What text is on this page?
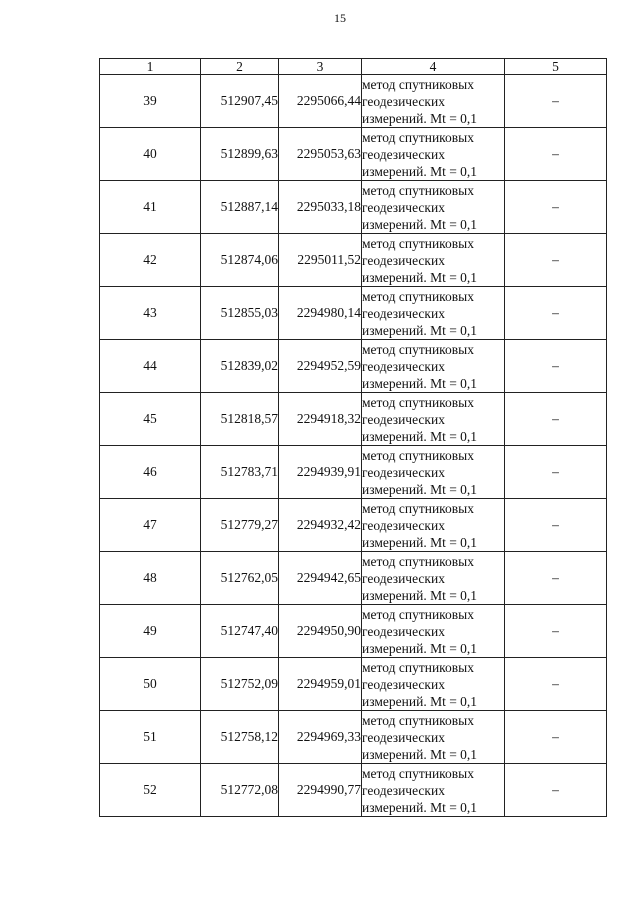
15
1	2	3	4	5
39	512907,45	2295066,44	метод спутниковых
геодезических
измерений. Mt = 0,1	–
40	512899,63	2295053,63	метод спутниковых
геодезических
измерений. Mt = 0,1	–
41	512887,14	2295033,18	метод спутниковых
геодезических
измерений. Mt = 0,1	–
42	512874,06	2295011,52	метод спутниковых
геодезических
измерений. Mt = 0,1	–
43	512855,03	2294980,14	метод спутниковых
геодезических
измерений. Mt = 0,1	–
44	512839,02	2294952,59	метод спутниковых
геодезических
измерений. Mt = 0,1	–
45	512818,57	2294918,32	метод спутниковых
геодезических
измерений. Mt = 0,1	–
46	512783,71	2294939,91	метод спутниковых
геодезических
измерений. Mt = 0,1	–
47	512779,27	2294932,42	метод спутниковых
геодезических
измерений. Mt = 0,1	–
48	512762,05	2294942,65	метод спутниковых
геодезических
измерений. Mt = 0,1	–
49	512747,40	2294950,90	метод спутниковых
геодезических
измерений. Mt = 0,1	–
50	512752,09	2294959,01	метод спутниковых
геодезических
измерений. Mt = 0,1	–
51	512758,12	2294969,33	метод спутниковых
геодезических
измерений. Mt = 0,1	–
52	512772,08	2294990,77	метод спутниковых
геодезических
измерений. Mt = 0,1	–
